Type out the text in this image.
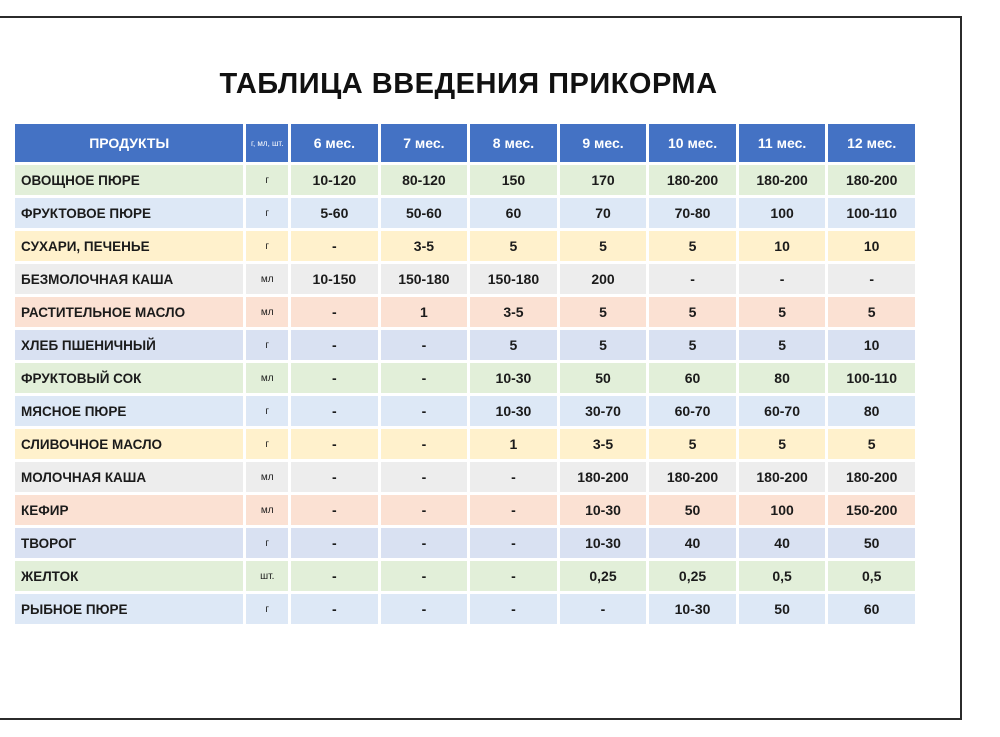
ТАБЛИЦА ВВЕДЕНИЯ ПРИКОРМА
ПРОДУКТЫ	г, мл, шт.	6 мес.	7 мес.	8 мес.	9 мес.	10 мес.	11 мес.	12 мес.
ОВОЩНОЕ ПЮРЕ	г	10-120	80-120	150	170	180-200	180-200	180-200
ФРУКТОВОЕ ПЮРЕ	г	5-60	50-60	60	70	70-80	100	100-110
СУХАРИ, ПЕЧЕНЬЕ	г	-	3-5	5	5	5	10	10
БЕЗМОЛОЧНАЯ КАША	мл	10-150	150-180	150-180	200	-	-	-
РАСТИТЕЛЬНОЕ МАСЛО	мл	-	1	3-5	5	5	5	5
ХЛЕБ ПШЕНИЧНЫЙ	г	-	-	5	5	5	5	10
ФРУКТОВЫЙ СОК	мл	-	-	10-30	50	60	80	100-110
МЯСНОЕ ПЮРЕ	г	-	-	10-30	30-70	60-70	60-70	80
СЛИВОЧНОЕ МАСЛО	г	-	-	1	3-5	5	5	5
МОЛОЧНАЯ КАША	мл	-	-	-	180-200	180-200	180-200	180-200
КЕФИР	мл	-	-	-	10-30	50	100	150-200
ТВОРОГ	г	-	-	-	10-30	40	40	50
ЖЕЛТОК	шт.	-	-	-	0,25	0,25	0,5	0,5
РЫБНОЕ ПЮРЕ	г	-	-	-	-	10-30	50	60
